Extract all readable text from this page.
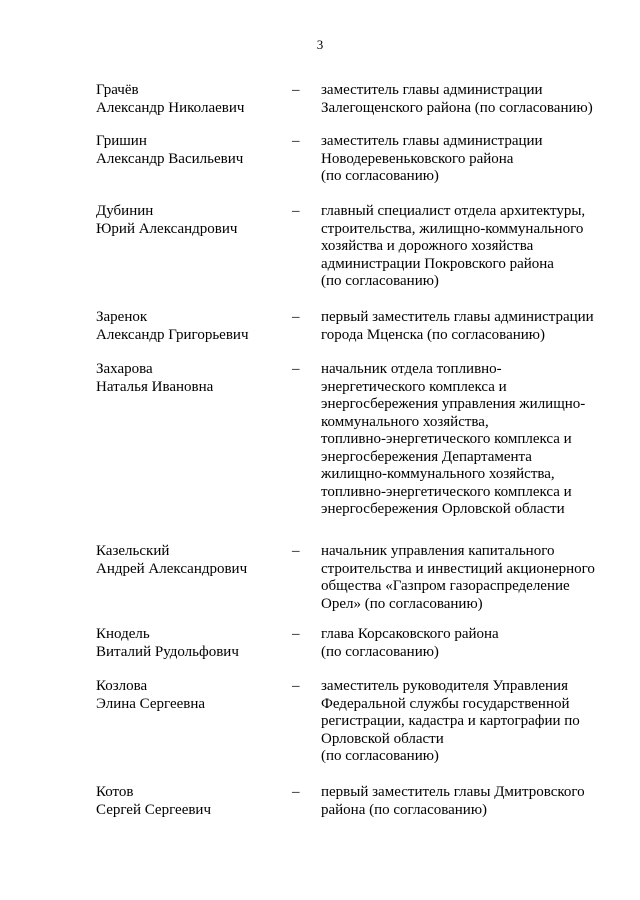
3
Грачёв
Александр Николаевич
– заместитель главы администрации
Залегощенского района (по согласованию)
Гришин
Александр Васильевич
– заместитель главы администрации
Новодеревеньковского района
(по согласованию)
Дубинин
Юрий Александрович
– главный специалист отдела архитектуры,
строительства, жилищно-коммунального
хозяйства и дорожного хозяйства
администрации Покровского района
(по согласованию)
Заренок
Александр Григорьевич
– первый заместитель главы администрации
города Мценска (по согласованию)
Захарова
Наталья Ивановна
– начальник отдела топливно-
энергетического комплекса и
энергосбережения управления жилищно-
коммунального хозяйства,
топливно-энергетического комплекса и
энергосбережения Департамента
жилищно-коммунального хозяйства,
топливно-энергетического комплекса и
энергосбережения Орловской области
Казельский
Андрей Александрович
– начальник управления капитального
строительства и инвестиций акционерного
общества «Газпром газораспределение
Орел» (по согласованию)
Кнодель
Виталий Рудольфович
– глава Корсаковского района
(по согласованию)
Козлова
Элина Сергеевна
– заместитель руководителя Управления
Федеральной службы государственной
регистрации, кадастра и картографии по
Орловской области
(по согласованию)
Котов
Сергей Сергеевич
– первый заместитель главы Дмитровского
района (по согласованию)
